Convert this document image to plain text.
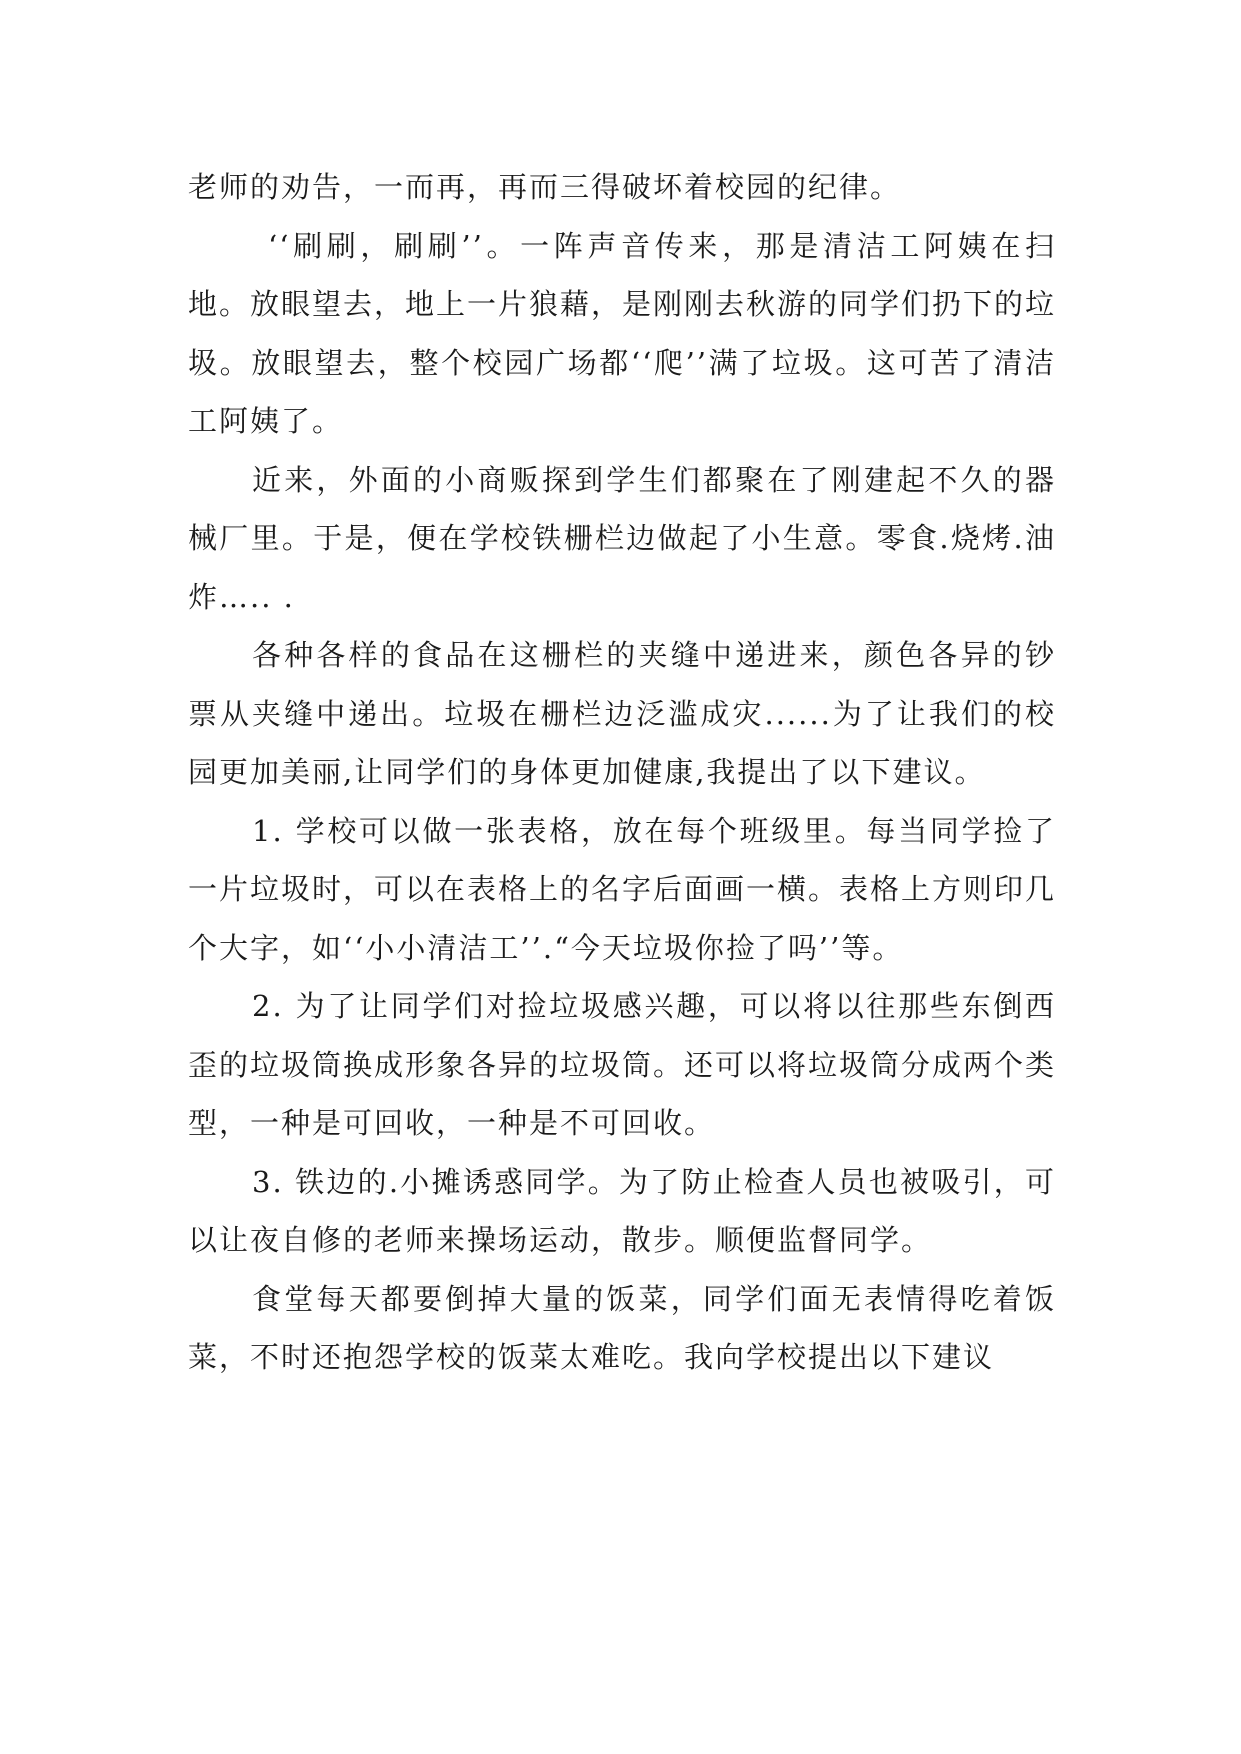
老师的劝告，一而再，再而三得破坏着校园的纪律。

‘‘刷刷，刷刷’’。一阵声音传来，那是清洁工阿姨在扫地。放眼望去，地上一片狼藉，是刚刚去秋游的同学们扔下的垃圾。放眼望去，整个校园广场都‘‘爬’’满了垃圾。这可苦了清洁工阿姨了。

近来，外面的小商贩探到学生们都聚在了刚建起不久的器械厂里。于是，便在学校铁栅栏边做起了小生意。零食.烧烤.油炸….. .

各种各样的食品在这栅栏的夹缝中递进来，颜色各异的钞票从夹缝中递出。垃圾在栅栏边泛滥成灾......为了让我们的校园更加美丽,让同学们的身体更加健康,我提出了以下建议。

1. 学校可以做一张表格，放在每个班级里。每当同学捡了一片垃圾时，可以在表格上的名字后面画一横。表格上方则印几个大字，如‘‘小小清洁工’’.“今天垃圾你捡了吗’’等。

2. 为了让同学们对捡垃圾感兴趣，可以将以往那些东倒西歪的垃圾筒换成形象各异的垃圾筒。还可以将垃圾筒分成两个类型，一种是可回收，一种是不可回收。

3. 铁边的.小摊诱惑同学。为了防止检查人员也被吸引，可以让夜自修的老师来操场运动，散步。顺便监督同学。

食堂每天都要倒掉大量的饭菜，同学们面无表情得吃着饭菜，不时还抱怨学校的饭菜太难吃。我向学校提出以下建议
